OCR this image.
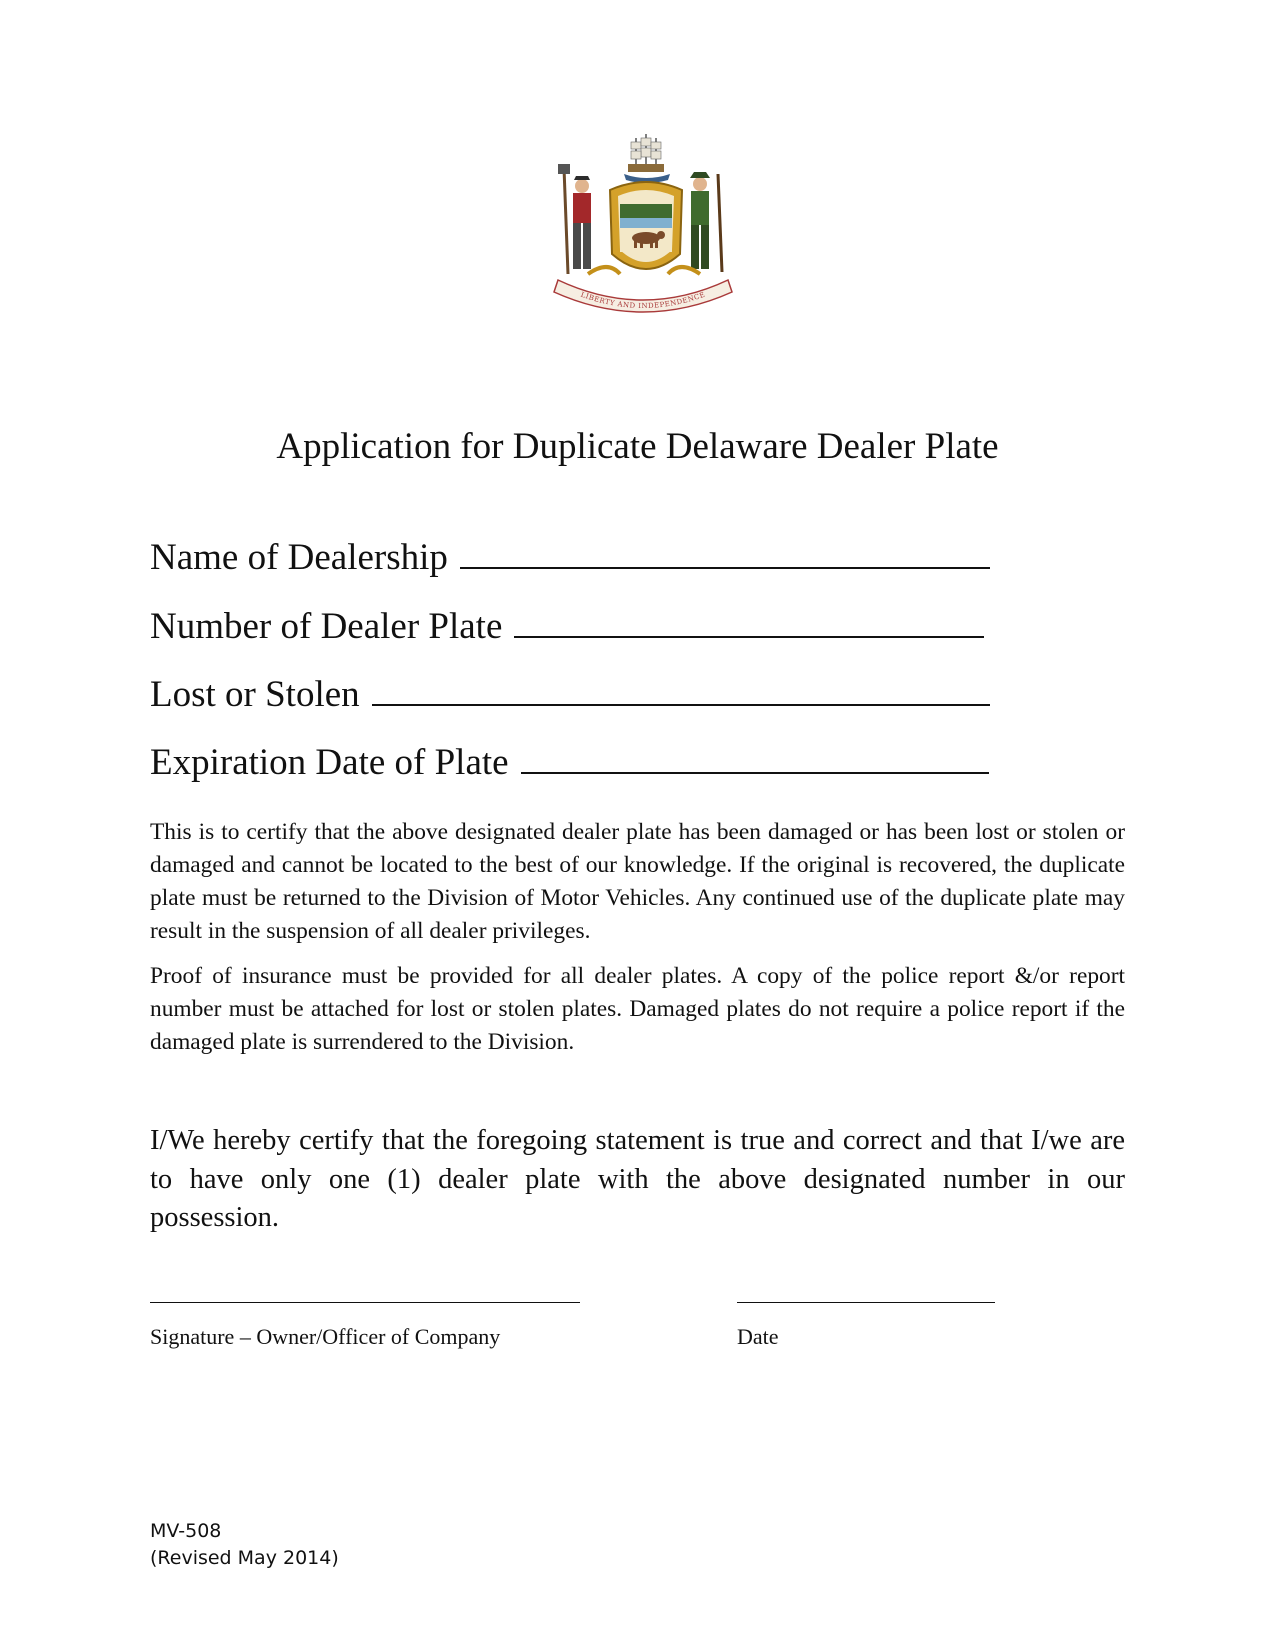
LIBERTY AND INDEPENDENCE
Application for Duplicate Delaware Dealer Plate
Name of Dealership
Number of Dealer Plate
Lost or Stolen
Expiration Date of Plate

This is to certify that the above designated dealer plate has been damaged or has been lost or stolen or damaged and cannot be located to the best of our knowledge. If the original is recovered, the duplicate plate must be returned to the Division of Motor Vehicles. Any continued use of the duplicate plate may result in the suspension of all dealer privileges.

Proof of insurance must be provided for all dealer plates. A copy of the police report &/or report number must be attached for lost or stolen plates. Damaged plates do not require a police report if the damaged plate is surrendered to the Division.

I/We hereby certify that the foregoing statement is true and correct and that I/we are to have only one (1) dealer plate with the above designated number in our possession.

Signature – Owner/Officer of Company	Date
MV-508
(Revised May 2014)
